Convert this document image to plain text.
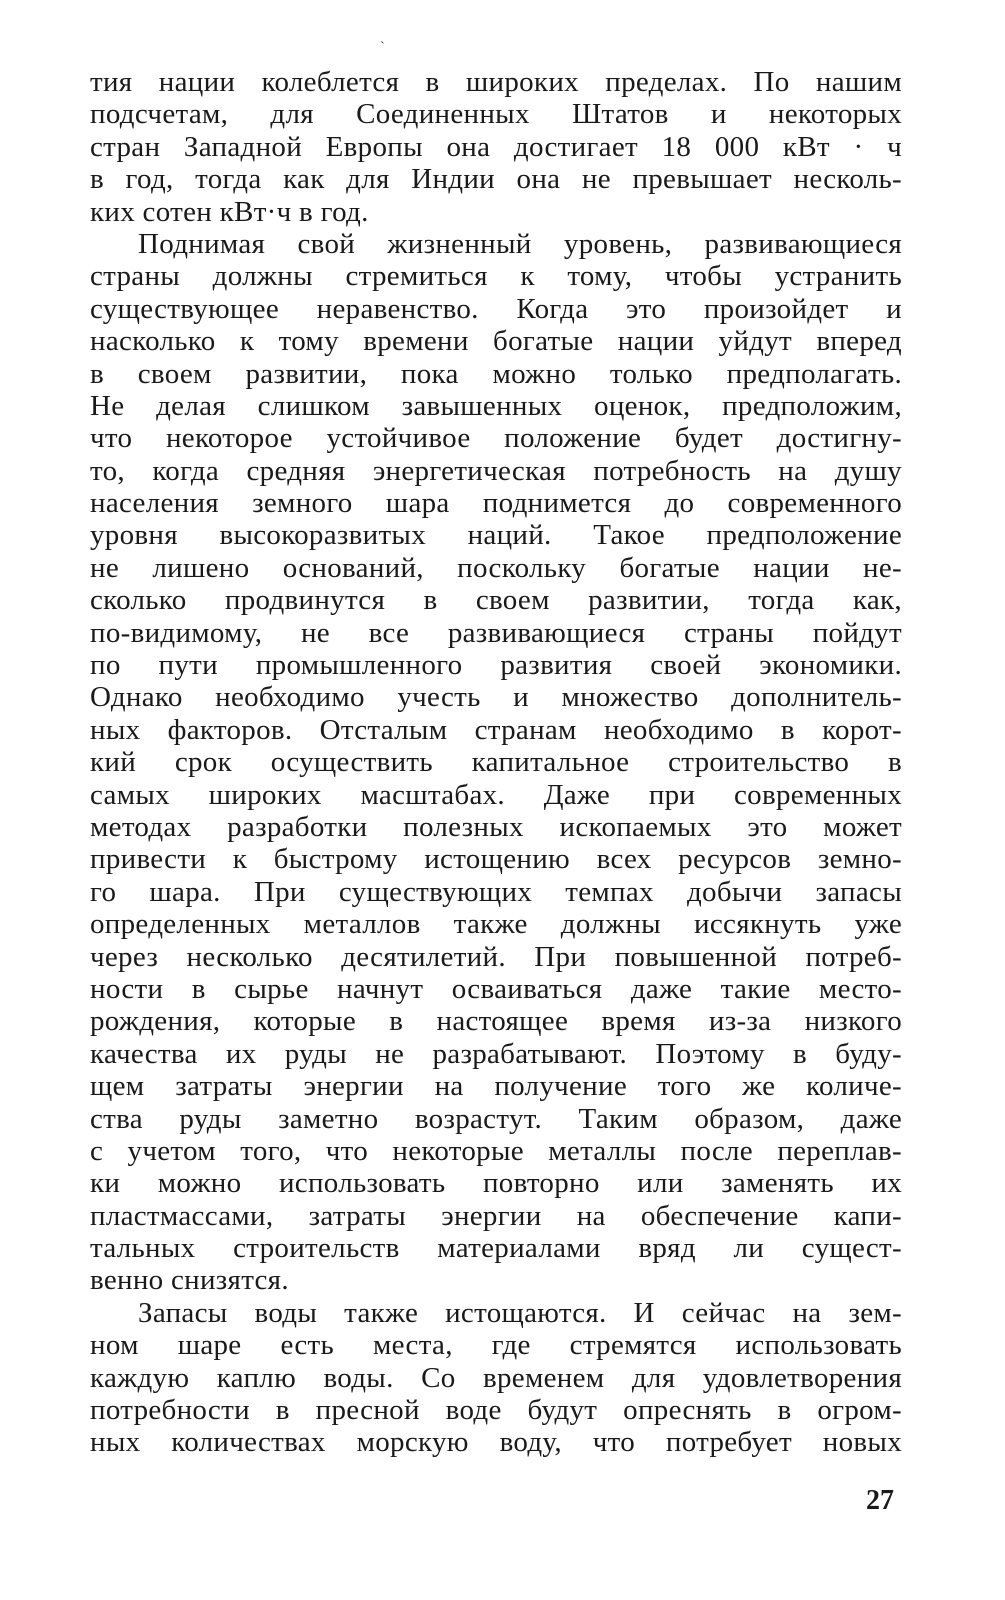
`
тия нации колеблется в широких пределах. По нашим
подсчетам, для Соединенных Штатов и некоторых
стран Западной Европы она достигает 18 000 кВт · ч
в год, тогда как для Индии она не превышает несколь-
ких сотен кВт·ч в год.
Поднимая свой жизненный уровень, развивающиеся
страны должны стремиться к тому, чтобы устранить
существующее неравенство. Когда это произойдет и
насколько к тому времени богатые нации уйдут вперед
в своем развитии, пока можно только предполагать.
Не делая слишком завышенных оценок, предположим,
что некоторое устойчивое положение будет достигну-
то, когда средняя энергетическая потребность на душу
населения земного шара поднимется до современного
уровня высокоразвитых наций. Такое предположение
не лишено оснований, поскольку богатые нации не-
сколько продвинутся в своем развитии, тогда как,
по-видимому, не все развивающиеся страны пойдут
по пути промышленного развития своей экономики.
Однако необходимо учесть и множество дополнитель-
ных факторов. Отсталым странам необходимо в корот-
кий срок осуществить капитальное строительство в
самых широких масштабах. Даже при современных
методах разработки полезных ископаемых это может
привести к быстрому истощению всех ресурсов земно-
го шара. При существующих темпах добычи запасы
определенных металлов также должны иссякнуть уже
через несколько десятилетий. При повышенной потреб-
ности в сырье начнут осваиваться даже такие место-
рождения, которые в настоящее время из-за низкого
качества их руды не разрабатывают. Поэтому в буду-
щем затраты энергии на получение того же количе-
ства руды заметно возрастут. Таким образом, даже
с учетом того, что некоторые металлы после переплав-
ки можно использовать повторно или заменять их
пластмассами, затраты энергии на обеспечение капи-
тальных строительств материалами вряд ли сущест-
венно снизятся.
Запасы воды также истощаются. И сейчас на зем-
ном шаре есть места, где стремятся использовать
каждую каплю воды. Со временем для удовлетворения
потребности в пресной воде будут опреснять в огром-
ных количествах морскую воду, что потребует новых
27
